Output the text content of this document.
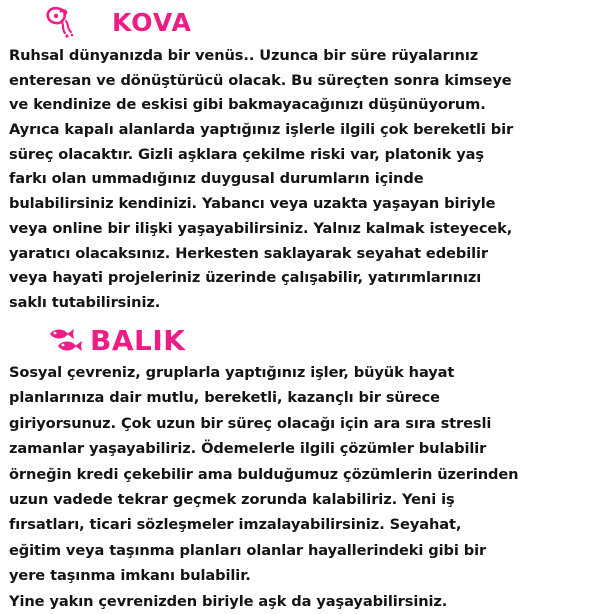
KOVA
Ruhsal dünyanızda bir venüs.. Uzunca bir süre rüyalarınız
enteresan ve dönüştürücü olacak. Bu süreçten sonra kimseye
ve kendinize de eskisi gibi bakmayacağınızı düşünüyorum.
Ayrıca kapalı alanlarda yaptığınız işlerle ilgili çok bereketli bir
süreç olacaktır. Gizli aşklara çekilme riski var, platonik yaş
farkı olan ummadığınız duygusal durumların içinde
bulabilirsiniz kendinizi. Yabancı veya uzakta yaşayan biriyle
veya online bir ilişki yaşayabilirsiniz. Yalnız kalmak isteyecek,
yaratıcı olacaksınız. Herkesten saklayarak seyahat edebilir
veya hayati projeleriniz üzerinde çalışabilir, yatırımlarınızı
saklı tutabilirsiniz.
BALIK
Sosyal çevreniz, gruplarla yaptığınız işler, büyük hayat
planlarınıza dair mutlu, bereketli, kazançlı bir sürece
giriyorsunuz. Çok uzun bir süreç olacağı için ara sıra stresli
zamanlar yaşayabiliriz. Ödemelerle ilgili çözümler bulabilir
örneğin kredi çekebilir ama bulduğumuz çözümlerin üzerinden
uzun vadede tekrar geçmek zorunda kalabiliriz. Yeni iş
fırsatları, ticari sözleşmeler imzalayabilirsiniz. Seyahat,
eğitim veya taşınma planları olanlar hayallerindeki gibi bir
yere taşınma imkanı bulabilir.
Yine yakın çevrenizden biriyle aşk da yaşayabilirsiniz.
